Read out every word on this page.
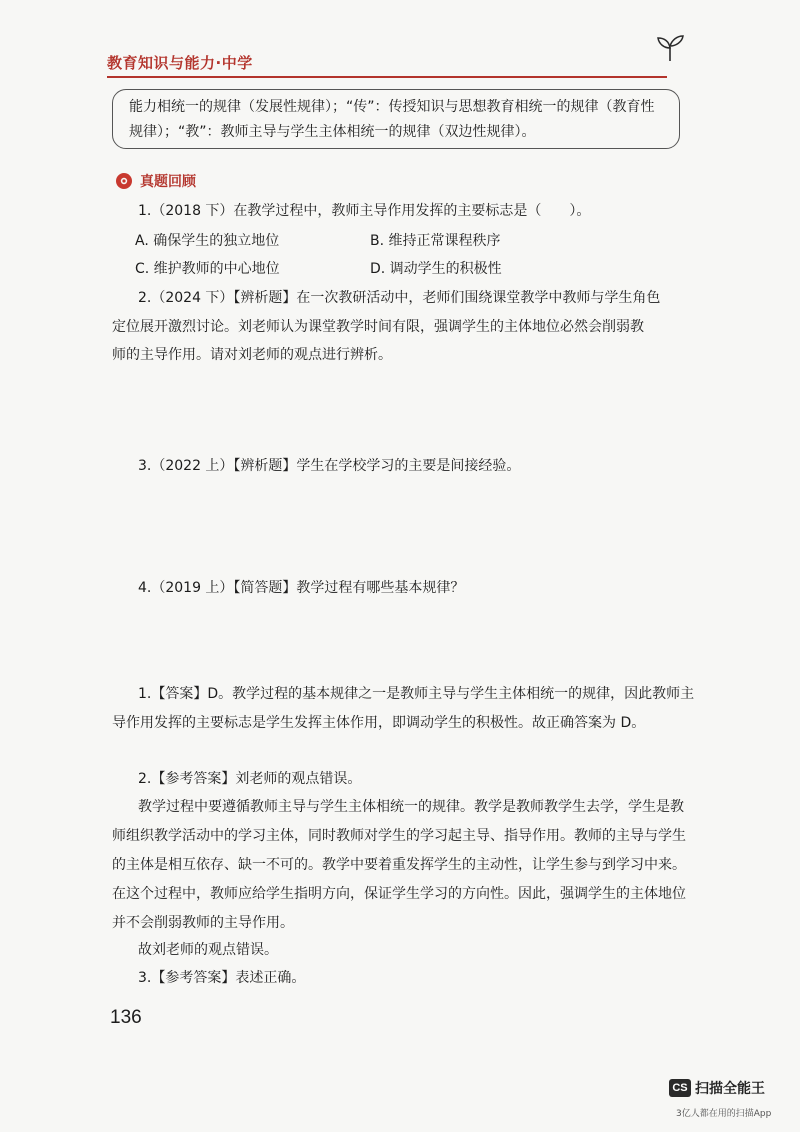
教育知识与能力·中学
能力相统一的规律（发展性规律）；“传”：传授知识与思想教育相统一的规律（教育性规律）；“教”：教师主导与学生主体相统一的规律（双边性规律）。
真题回顾
1.（2018 下）在教学过程中，教师主导作用发挥的主要标志是（　　）。
A. 确保学生的独立地位	B. 维持正常课程秩序
C. 维护教师的中心地位	D. 调动学生的积极性
2.（2024 下）【辨析题】在一次教研活动中，老师们围绕课堂教学中教师与学生角色
定位展开激烈讨论。刘老师认为课堂教学时间有限，强调学生的主体地位必然会削弱教
师的主导作用。请对刘老师的观点进行辨析。
3.（2022 上）【辨析题】学生在学校学习的主要是间接经验。
4.（2019 上）【简答题】教学过程有哪些基本规律？
1.【答案】D。教学过程的基本规律之一是教师主导与学生主体相统一的规律，因此教师主导作用发挥的主要标志是学生发挥主体作用，即调动学生的积极性。故正确答案为 D。
2.【参考答案】刘老师的观点错误。
教学过程中要遵循教师主导与学生主体相统一的规律。教学是教师教学生去学，学生是教师组织教学活动中的学习主体，同时教师对学生的学习起主导、指导作用。教师的主导与学生的主体是相互依存、缺一不可的。教学中要着重发挥学生的主动性，让学生参与到学习中来。在这个过程中，教师应给学生指明方向，保证学生学习的方向性。因此，强调学生的主体地位并不会削弱教师的主导作用。
故刘老师的观点错误。
3.【参考答案】表述正确。
136
CS 扫描全能王
3亿人都在用的扫描App
